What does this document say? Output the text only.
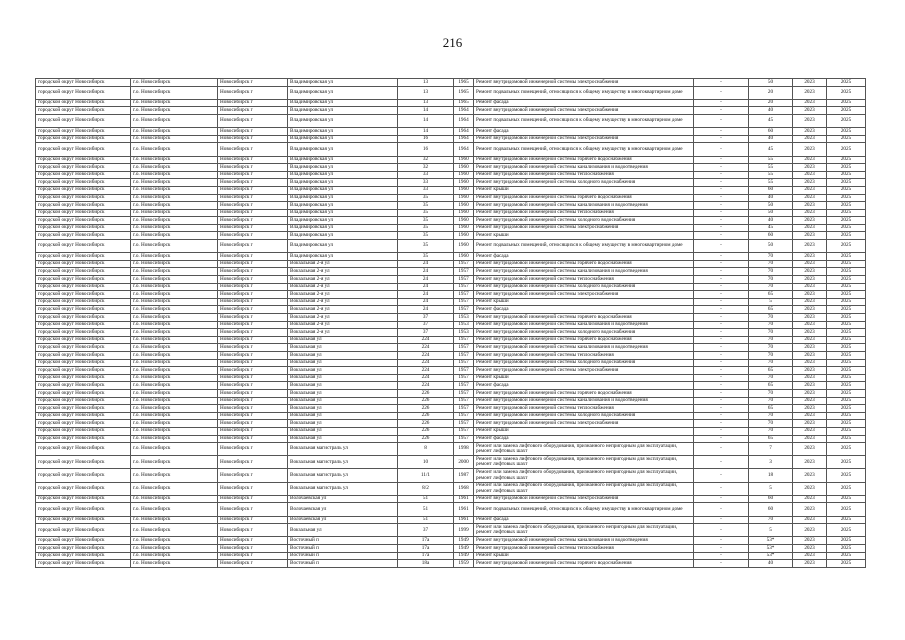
216
городской округ Новосибирск	г.о. Новосибирск	Новосибирск г	Владимировская ул	13	1965	Ремонт внутридомовой инженерной системы электроснабжения	-	50	2023	2025
городской округ Новосибирск	г.о. Новосибирск	Новосибирск г	Владимировская ул	13	1965	Ремонт подвальных помещений, относящихся к общему имуществу в многоквартирном доме	-	20	2023	2025
городской округ Новосибирск	г.о. Новосибирск	Новосибирск г	Владимировская ул	13	1965	Ремонт фасада	-	20	2023	2025
городской округ Новосибирск	г.о. Новосибирск	Новосибирск г	Владимировская ул	14	1964	Ремонт внутридомовой инженерной системы электроснабжения	-	40	2023	2025
городской округ Новосибирск	г.о. Новосибирск	Новосибирск г	Владимировская ул	14	1964	Ремонт подвальных помещений, относящихся к общему имуществу в многоквартирном доме	-	45	2023	2025
городской округ Новосибирск	г.о. Новосибирск	Новосибирск г	Владимировская ул	14	1964	Ремонт фасада	-	60	2023	2025
городской округ Новосибирск	г.о. Новосибирск	Новосибирск г	Владимировская ул	16	1964	Ремонт внутридомовой инженерной системы электроснабжения	-	40	2023	2025
городской округ Новосибирск	г.о. Новосибирск	Новосибирск г	Владимировская ул	16	1964	Ремонт подвальных помещений, относящихся к общему имуществу в многоквартирном доме	-	45	2023	2025
городской округ Новосибирск	г.о. Новосибирск	Новосибирск г	Владимировская ул	32	1960	Ремонт внутридомовой инженерной системы горячего водоснабжения	-	55	2023	2025
городской округ Новосибирск	г.о. Новосибирск	Новосибирск г	Владимировская ул	32	1960	Ремонт внутридомовой инженерной системы канализования и водоотведения	-	55	2023	2025
городской округ Новосибирск	г.о. Новосибирск	Новосибирск г	Владимировская ул	33	1960	Ремонт внутридомовой инженерной системы теплоснабжения	-	55	2023	2025
городской округ Новосибирск	г.о. Новосибирск	Новосибирск г	Владимировская ул	33	1960	Ремонт внутридомовой инженерной системы холодного водоснабжения	-	55	2023	2025
городской округ Новосибирск	г.о. Новосибирск	Новосибирск г	Владимировская ул	33	1960	Ремонт крыши	-	60	2023	2025
городской округ Новосибирск	г.о. Новосибирск	Новосибирск г	Владимировская ул	35	1960	Ремонт внутридомовой инженерной системы горячего водоснабжения	-	40	2023	2025
городской округ Новосибирск	г.о. Новосибирск	Новосибирск г	Владимировская ул	35	1960	Ремонт внутридомовой инженерной системы канализования и водоотведения	-	50	2023	2025
городской округ Новосибирск	г.о. Новосибирск	Новосибирск г	Владимировская ул	35	1960	Ремонт внутридомовой инженерной системы теплоснабжения	-	50	2023	2025
городской округ Новосибирск	г.о. Новосибирск	Новосибирск г	Владимировская ул	35	1960	Ремонт внутридомовой инженерной системы холодного водоснабжения	-	40	2023	2025
городской округ Новосибирск	г.о. Новосибирск	Новосибирск г	Владимировская ул	35	1960	Ремонт внутридомовой инженерной системы электроснабжения	-	45	2023	2025
городской округ Новосибирск	г.о. Новосибирск	Новосибирск г	Владимировская ул	35	1960	Ремонт крыши	-	60	2023	2025
городской округ Новосибирск	г.о. Новосибирск	Новосибирск г	Владимировская ул	35	1960	Ремонт подвальных помещений, относящихся к общему имуществу в многоквартирном доме	-	50	2023	2025
городской округ Новосибирск	г.о. Новосибирск	Новосибирск г	Владимировская ул	35	1960	Ремонт фасада	-	70	2023	2025
городской округ Новосибирск	г.о. Новосибирск	Новосибирск г	Вокзальная 2-я ул	24	1957	Ремонт внутридомовой инженерной системы горячего водоснабжения	-	70	2023	2025
городской округ Новосибирск	г.о. Новосибирск	Новосибирск г	Вокзальная 2-я ул	24	1957	Ремонт внутридомовой инженерной системы канализования и водоотведения	-	70	2023	2025
городской округ Новосибирск	г.о. Новосибирск	Новосибирск г	Вокзальная 2-я ул	24	1957	Ремонт внутридомовой инженерной системы теплоснабжения	-	70	2023	2025
городской округ Новосибирск	г.о. Новосибирск	Новосибирск г	Вокзальная 2-я ул	24	1957	Ремонт внутридомовой инженерной системы холодного водоснабжения	-	70	2023	2025
городской округ Новосибирск	г.о. Новосибирск	Новосибирск г	Вокзальная 2-я ул	24	1957	Ремонт внутридомовой инженерной системы электроснабжения	-	65	2023	2025
городской округ Новосибирск	г.о. Новосибирск	Новосибирск г	Вокзальная 2-я ул	24	1957	Ремонт крыши	-	5	2023	2025
городской округ Новосибирск	г.о. Новосибирск	Новосибирск г	Вокзальная 2-я ул	24	1957	Ремонт фасада	-	65	2023	2025
городской округ Новосибирск	г.о. Новосибирск	Новосибирск г	Вокзальная 2-я ул	37	1953	Ремонт внутридомовой инженерной системы горячего водоснабжения	-	70	2023	2025
городской округ Новосибирск	г.о. Новосибирск	Новосибирск г	Вокзальная 2-я ул	37	1953	Ремонт внутридомовой инженерной системы канализования и водоотведения	-	70	2023	2025
городской округ Новосибирск	г.о. Новосибирск	Новосибирск г	Вокзальная 2-я ул	37	1953	Ремонт внутридомовой инженерной системы холодного водоснабжения	-	70	2023	2025
городской округ Новосибирск	г.о. Новосибирск	Новосибирск г	Вокзальная ул	224	1957	Ремонт внутридомовой инженерной системы горячего водоснабжения	-	70	2023	2025
городской округ Новосибирск	г.о. Новосибирск	Новосибирск г	Вокзальная ул	224	1957	Ремонт внутридомовой инженерной системы канализования и водоотведения	-	70	2023	2025
городской округ Новосибирск	г.о. Новосибирск	Новосибирск г	Вокзальная ул	224	1957	Ремонт внутридомовой инженерной системы теплоснабжения	-	70	2023	2025
городской округ Новосибирск	г.о. Новосибирск	Новосибирск г	Вокзальная ул	224	1957	Ремонт внутридомовой инженерной системы холодного водоснабжения	-	70	2023	2025
городской округ Новосибирск	г.о. Новосибирск	Новосибирск г	Вокзальная ул	224	1957	Ремонт внутридомовой инженерной системы электроснабжения	-	65	2023	2025
городской округ Новосибирск	г.о. Новосибирск	Новосибирск г	Вокзальная ул	224	1957	Ремонт крыши	-	70	2023	2025
городской округ Новосибирск	г.о. Новосибирск	Новосибирск г	Вокзальная ул	224	1957	Ремонт фасада	-	65	2023	2025
городской округ Новосибирск	г.о. Новосибирск	Новосибирск г	Вокзальная ул	226	1957	Ремонт внутридомовой инженерной системы горячего водоснабжения	-	70	2023	2025
городской округ Новосибирск	г.о. Новосибирск	Новосибирск г	Вокзальная ул	226	1957	Ремонт внутридомовой инженерной системы канализования и водоотведения	-	70	2023	2025
городской округ Новосибирск	г.о. Новосибирск	Новосибирск г	Вокзальная ул	226	1957	Ремонт внутридомовой инженерной системы теплоснабжения	-	65	2023	2025
городской округ Новосибирск	г.о. Новосибирск	Новосибирск г	Вокзальная ул	226	1957	Ремонт внутридомовой инженерной системы холодного водоснабжения	-	70	2023	2025
городской округ Новосибирск	г.о. Новосибирск	Новосибирск г	Вокзальная ул	226	1957	Ремонт внутридомовой инженерной системы электроснабжения	-	70	2023	2025
городской округ Новосибирск	г.о. Новосибирск	Новосибирск г	Вокзальная ул	226	1957	Ремонт крыши	-	70	2023	2025
городской округ Новосибирск	г.о. Новосибирск	Новосибирск г	Вокзальная ул	226	1957	Ремонт фасада	-	65	2023	2025
городской округ Новосибирск	г.о. Новосибирск	Новосибирск г	Вокзальная магистраль ул	8	1998	Ремонт или замена лифтового оборудования, признанного непригодным для эксплуатации, ремонт лифтовых шахт	-	7	2023	2025
городской округ Новосибирск	г.о. Новосибирск	Новосибирск г	Вокзальная магистраль ул	10	2000	Ремонт или замена лифтового оборудования, признанного непригодным для эксплуатации, ремонт лифтовых шахт	-	3	2023	2025
городской округ Новосибирск	г.о. Новосибирск	Новосибирск г	Вокзальная магистраль ул	11/1	1987	Ремонт или замена лифтового оборудования, признанного непригодным для эксплуатации, ремонт лифтовых шахт	-	18	2023	2025
городской округ Новосибирск	г.о. Новосибирск	Новосибирск г	Вокзальная магистраль ул	8/2	1968	Ремонт или замена лифтового оборудования, признанного непригодным для эксплуатации, ремонт лифтовых шахт	-	5	2023	2025
городской округ Новосибирск	г.о. Новосибирск	Новосибирск г	Волочаевская ул	51	1961	Ремонт внутридомовой инженерной системы электроснабжения	-	60	2023	2025
городской округ Новосибирск	г.о. Новосибирск	Новосибирск г	Волочаевская ул	51	1961	Ремонт подвальных помещений, относящихся к общему имуществу в многоквартирном доме	-	60	2023	2025
городской округ Новосибирск	г.о. Новосибирск	Новосибирск г	Волочаевская ул	51	1961	Ремонт фасада	-	70	2023	2025
городской округ Новосибирск	г.о. Новосибирск	Новосибирск г	Вокзальная ул	37	1999	Ремонт или замена лифтового оборудования, признанного непригодным для эксплуатации, ремонт лифтовых шахт	-	5	2023	2025
городской округ Новосибирск	г.о. Новосибирск	Новосибирск г	Восточный п	17а	1949	Ремонт внутридомовой инженерной системы канализования и водоотведения	-	53*	2023	2025
городской округ Новосибирск	г.о. Новосибирск	Новосибирск г	Восточный п	17а	1949	Ремонт внутридомовой инженерной системы теплоснабжения	-	53*	2023	2025
городской округ Новосибирск	г.о. Новосибирск	Новосибирск г	Восточный п	17а	1949	Ремонт крыши	-	53*	2023	2025
городской округ Новосибирск	г.о. Новосибирск	Новосибирск г	Восточный п	18а	1959	Ремонт внутридомовой инженерной системы горячего водоснабжения	-	40	2023	2025
